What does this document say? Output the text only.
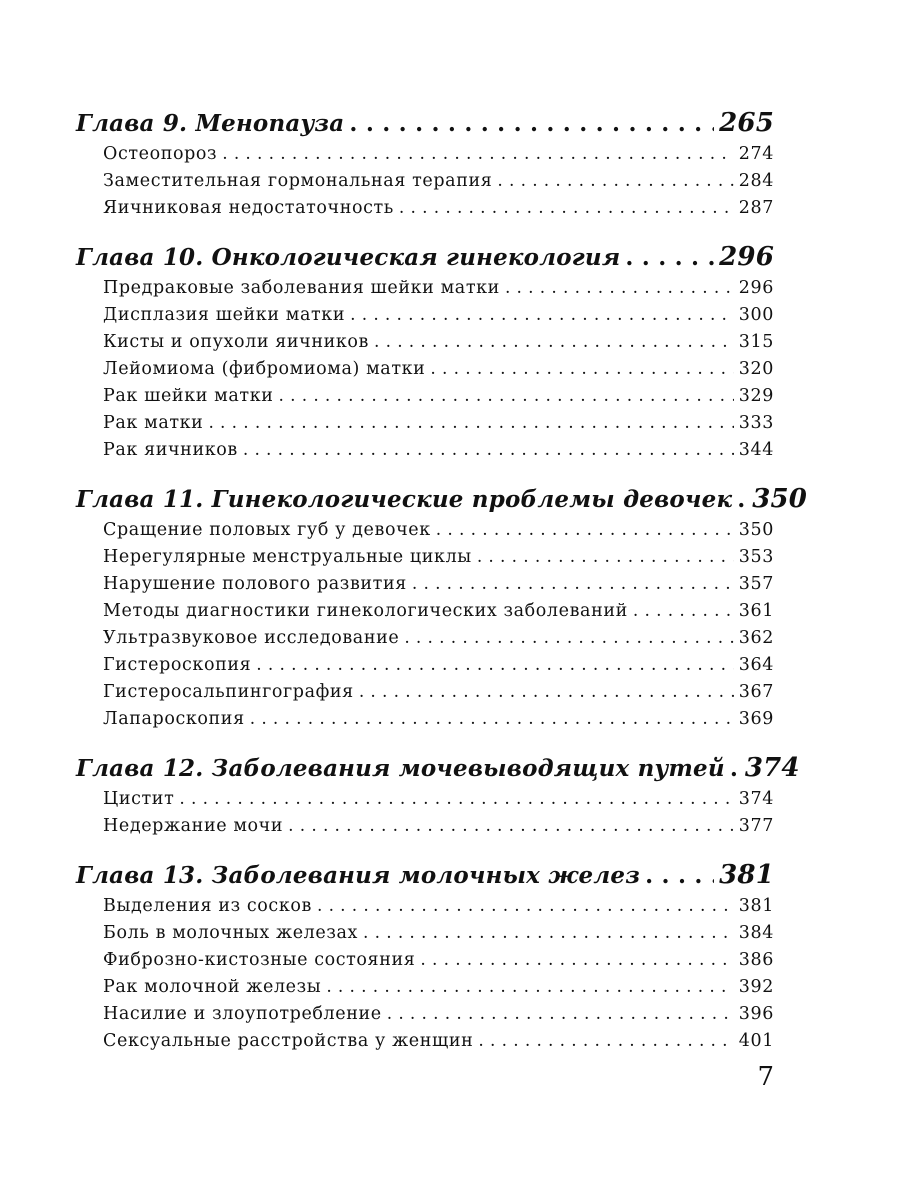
Глава 9. Менопауза . . .	265
Остеопороз . . .	274
Заместительная гормональная терапия . . .	284
Яичниковая недостаточность . . .	287
Глава 10. Онкологическая гинекология . . .	296
Предраковые заболевания шейки матки . . .	296
Дисплазия шейки матки . . .	300
Кисты и опухоли яичников . . .	315
Лейомиома (фибромиома) матки . . .	320
Рак шейки матки . . .	329
Рак матки . . .	333
Рак яичников . . .	344
Глава 11. Гинекологические проблемы девочек . . . 350
Сращение половых губ у девочек . . .	350
Нерегулярные менструальные циклы . . .	353
Нарушение полового развития . . .	357
Методы диагностики гинекологических заболеваний . . .	361
Ультразвуковое исследование . . .	362
Гистероскопия . . .	364
Гистеросальпингография . . .	367
Лапароскопия . . .	369
Глава 12. Заболевания мочевыводящих путей . . . 374
Цистит . . .	374
Недержание мочи . . .	377
Глава 13. Заболевания молочных желез . . .	381
Выделения из сосков . . .	381
Боль в молочных железах . . .	384
Фиброзно-кистозные состояния . . .	386
Рак молочной железы . . .	392
Насилие и злоупотребление . . .	396
Сексуальные расстройства у женщин . . .	401
7
